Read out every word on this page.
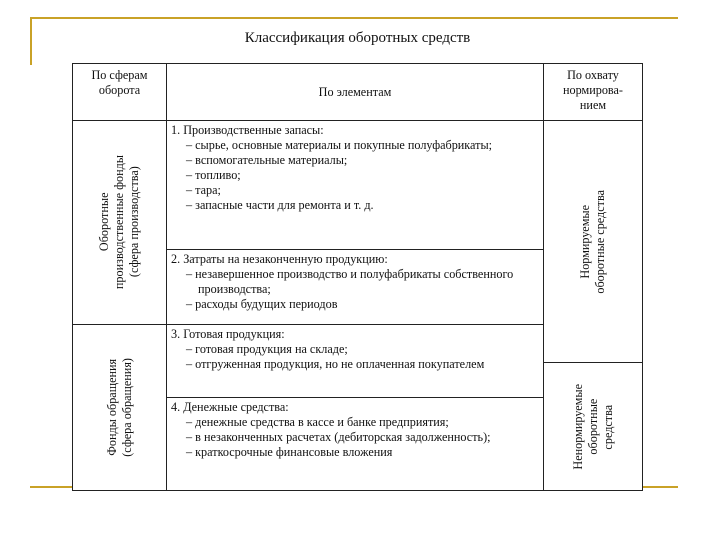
Классификация оборотных средств
По сферам
оборота	По элементам
По охвату
нормирова-
нием
Оборотные производственные фонды (сфера производства)
Фонды обращения (сфера обращения)
Нормируемые оборотные средства
Ненормируемые оборотные средства
1. Производственные запасы:
– сырье, основные материалы и покупные полуфабрикаты;
– вспомогательные материалы;
– топливо;
– тара;
– запасные части для ремонта и т. д.
2. Затраты на незаконченную продукцию:
– незавершенное производство и полуфабрикаты собственного производства;
– расходы будущих периодов
3. Готовая продукция:
– готовая продукция на складе;
– отгруженная продукция, но не оплаченная покупателем
4. Денежные средства:
– денежные средства в кассе и банке предприятия;
– в незаконченных расчетах (дебиторская задолженность);
– краткосрочные финансовые вложения
